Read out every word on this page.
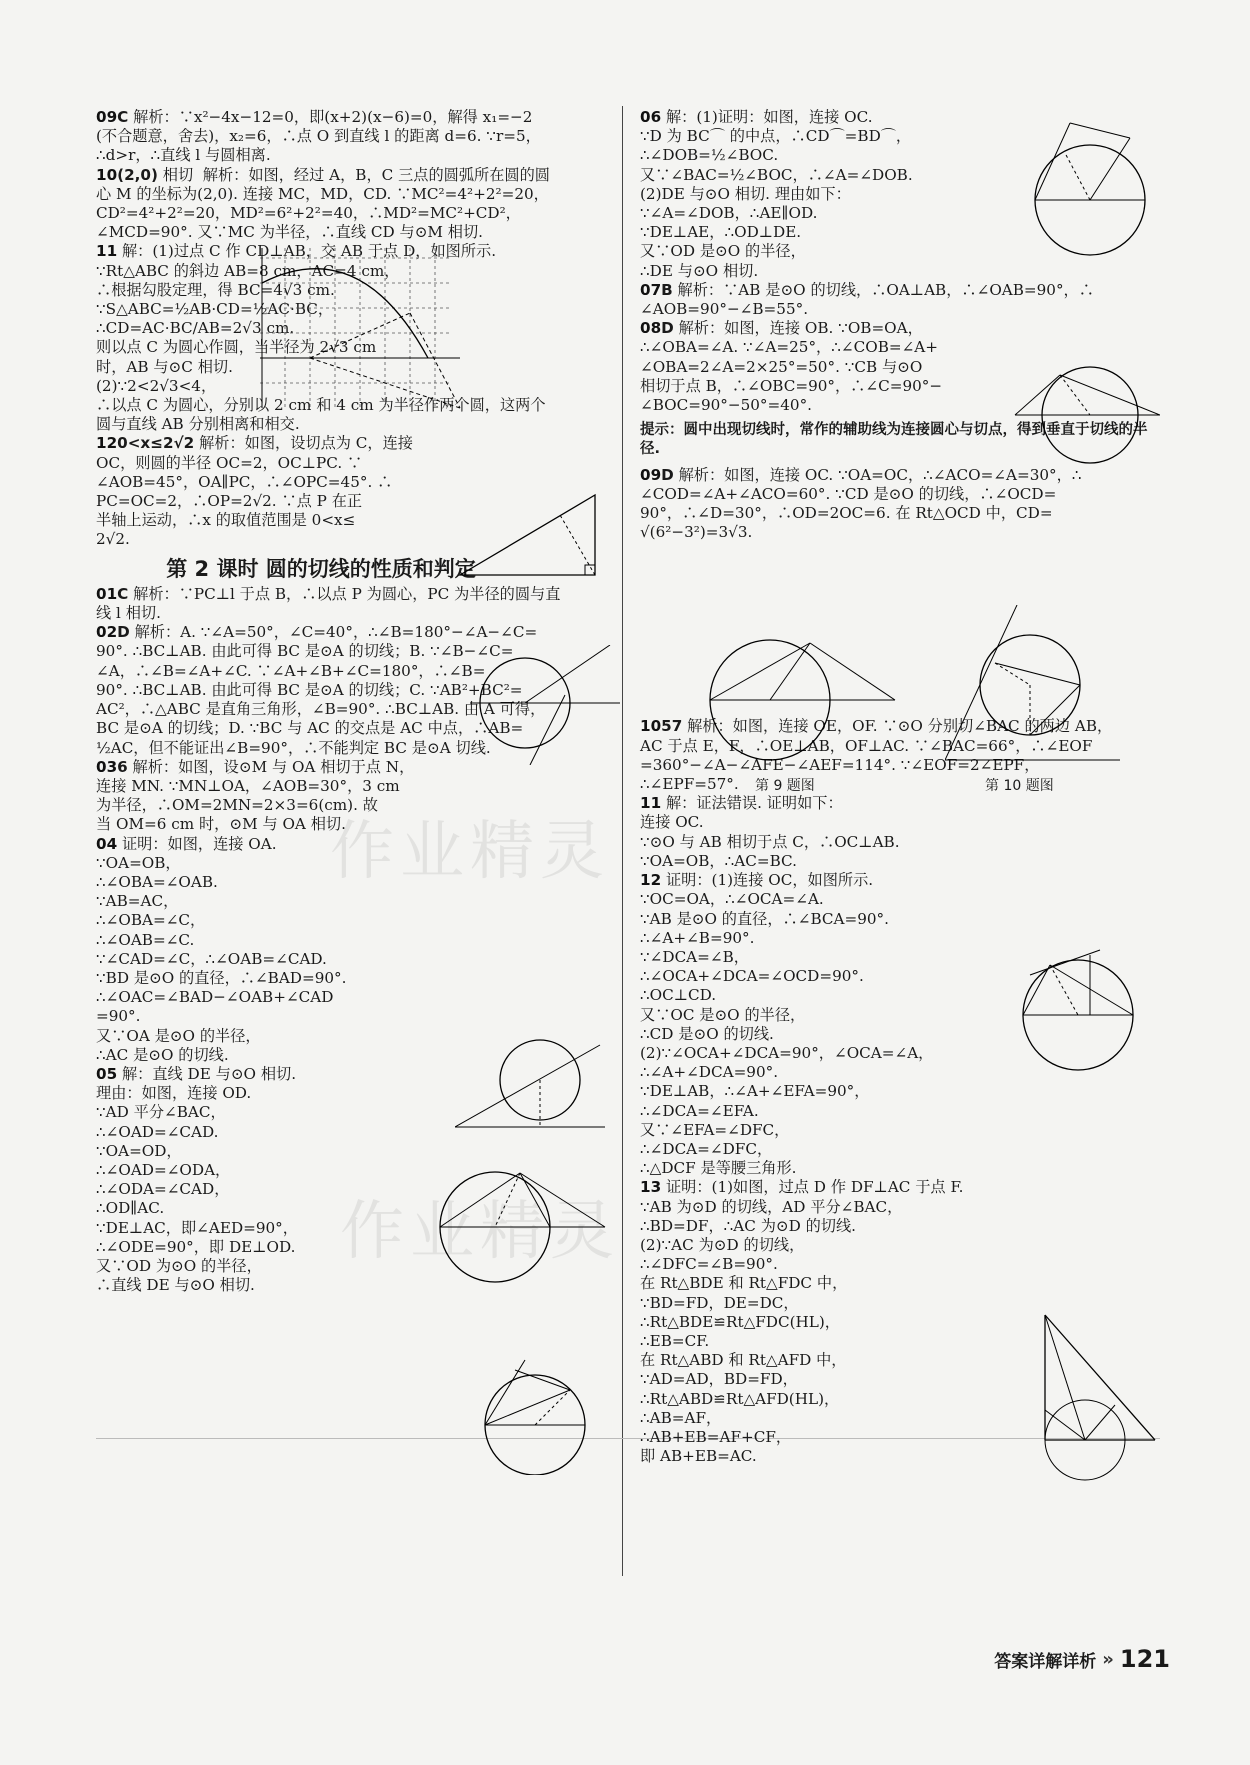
作业精灵
作业精灵
09C 解析：∵x²−4x−12=0，即(x+2)(x−6)=0，解得 x₁=−2
(不合题意，舍去)，x₂=6，∴点 O 到直线 l 的距离 d=6. ∵r=5，
∴d>r，∴直线 l 与圆相离.
10(2,0) 相切  解析：如图，经过 A，B，C 三点的圆弧所在圆的圆
心 M 的坐标为(2,0). 连接 MC，MD，CD. ∵MC²=4²+2²=20，
CD²=4²+2²=20，MD²=6²+2²=40，∴MD²=MC²+CD²，
∠MCD=90°. 又∵MC 为半径，∴直线 CD 与⊙M 相切.
11 解：(1)过点 C 作 CD⊥AB，交 AB 于点 D，如图所示.
∵Rt△ABC 的斜边 AB=8 cm，AC=4 cm，
∴根据勾股定理，得 BC=4√3 cm.
∵S△ABC=½AB·CD=½AC·BC，
∴CD=AC·BC/AB=2√3 cm.
则以点 C 为圆心作圆，当半径为 2√3 cm
时，AB 与⊙C 相切.
(2)∵2<2√3<4，
∴以点 C 为圆心，分别以 2 cm 和 4 cm 为半径作两个圆，这两个
圆与直线 AB 分别相离和相交.
120<x≤2√2 解析：如图，设切点为 C，连接
OC，则圆的半径 OC=2，OC⊥PC. ∵
∠AOB=45°，OA∥PC，∴∠OPC=45°. ∴
PC=OC=2，∴OP=2√2. ∵点 P 在正
半轴上运动，∴x 的取值范围是 0<x≤
2√2.
第 2 课时 圆的切线的性质和判定
01C 解析：∵PC⊥l 于点 B，∴以点 P 为圆心，PC 为半径的圆与直
线 l 相切.
02D 解析：A. ∵∠A=50°，∠C=40°，∴∠B=180°−∠A−∠C=
90°. ∴BC⊥AB. 由此可得 BC 是⊙A 的切线；B. ∵∠B−∠C=
∠A，∴∠B=∠A+∠C. ∵∠A+∠B+∠C=180°，∴∠B=
90°. ∴BC⊥AB. 由此可得 BC 是⊙A 的切线；C. ∵AB²+BC²=
AC²，∴△ABC 是直角三角形，∠B=90°. ∴BC⊥AB. 由 A 可得，
BC 是⊙A 的切线；D. ∵BC 与 AC 的交点是 AC 中点，∴AB=
½AC，但不能证出∠B=90°，∴不能判定 BC 是⊙A 切线.
036 解析：如图，设⊙M 与 OA 相切于点 N，
连接 MN. ∵MN⊥OA，∠AOB=30°，3 cm
为半径，∴OM=2MN=2×3=6(cm). 故
当 OM=6 cm 时，⊙M 与 OA 相切.
04 证明：如图，连接 OA.
∵OA=OB，
∴∠OBA=∠OAB.
∵AB=AC，
∴∠OBA=∠C，
∴∠OAB=∠C.
∵∠CAD=∠C，∴∠OAB=∠CAD.
∵BD 是⊙O 的直径，∴∠BAD=90°.
∴∠OAC=∠BAD−∠OAB+∠CAD
=90°.
又∵OA 是⊙O 的半径，
∴AC 是⊙O 的切线.
05 解：直线 DE 与⊙O 相切.
理由：如图，连接 OD.
∵AD 平分∠BAC，
∴∠OAD=∠CAD.
∵OA=OD，
∴∠OAD=∠ODA，
∴∠ODA=∠CAD，
∴OD∥AC.
∵DE⊥AC，即∠AED=90°，
∴∠ODE=90°，即 DE⊥OD.
又∵OD 为⊙O 的半径，
∴直线 DE 与⊙O 相切.
06 解：(1)证明：如图，连接 OC.
∵D 为 BC⌒ 的中点，∴CD⌒=BD⌒，
∴∠DOB=½∠BOC.
又∵∠BAC=½∠BOC，∴∠A=∠DOB.
(2)DE 与⊙O 相切. 理由如下：
∵∠A=∠DOB，∴AE∥OD.
∵DE⊥AE，∴OD⊥DE.
又∵OD 是⊙O 的半径，
∴DE 与⊙O 相切.
07B 解析：∵AB 是⊙O 的切线，∴OA⊥AB，∴∠OAB=90°，∴
∠AOB=90°−∠B=55°.
08D 解析：如图，连接 OB. ∵OB=OA，
∴∠OBA=∠A. ∵∠A=25°，∴∠COB=∠A+
∠OBA=2∠A=2×25°=50°. ∵CB 与⊙O
相切于点 B，∴∠OBC=90°，∴∠C=90°−
∠BOC=90°−50°=40°.
提示：圆中出现切线时，常作的辅助线为连接圆心与切点，得到垂直于切线的半径.
09D 解析：如图，连接 OC. ∵OA=OC，∴∠ACO=∠A=30°，∴
∠COD=∠A+∠ACO=60°. ∵CD 是⊙O 的切线，∴∠OCD=
90°，∴∠D=30°，∴OD=2OC=6. 在 Rt△OCD 中，CD=
√(6²−3²)=3√3.
1057 解析：如图，连接 OE，OF. ∵⊙O 分别切∠BAC 的两边 AB，
AC 于点 E，F，∴OE⊥AB，OF⊥AC. ∵∠BAC=66°，∴∠EOF
=360°−∠A−∠AFE−∠AEF=114°. ∵∠EOF=2∠EPF，
∴∠EPF=57°.
11 解：证法错误. 证明如下：
连接 OC.
∵⊙O 与 AB 相切于点 C，∴OC⊥AB.
∵OA=OB，∴AC=BC.
12 证明：(1)连接 OC，如图所示.
∵OC=OA，∴∠OCA=∠A.
∵AB 是⊙O 的直径，∴∠BCA=90°.
∴∠A+∠B=90°.
∵∠DCA=∠B，
∴∠OCA+∠DCA=∠OCD=90°.
∴OC⊥CD.
又∵OC 是⊙O 的半径，
∴CD 是⊙O 的切线.
(2)∵∠OCA+∠DCA=90°，∠OCA=∠A，
∴∠A+∠DCA=90°.
∵DE⊥AB，∴∠A+∠EFA=90°，
∴∠DCA=∠EFA.
又∵∠EFA=∠DFC，
∴∠DCA=∠DFC，
∴△DCF 是等腰三角形.
13 证明：(1)如图，过点 D 作 DF⊥AC 于点 F.
∵AB 为⊙D 的切线，AD 平分∠BAC，
∴BD=DF，∴AC 为⊙D 的切线.
(2)∵AC 为⊙D 的切线，
∴∠DFC=∠B=90°.
在 Rt△BDE 和 Rt△FDC 中，
∵BD=FD，DE=DC，
∴Rt△BDE≌Rt△FDC(HL)，
∴EB=CF.
在 Rt△ABD 和 Rt△AFD 中，
∵AD=AD，BD=FD，
∴Rt△ABD≌Rt△AFD(HL)，
∴AB=AF，
∴AB+EB=AF+CF，
即 AB+EB=AC.
第 9 题图	第 10 题图
答案详解详析 » 121
